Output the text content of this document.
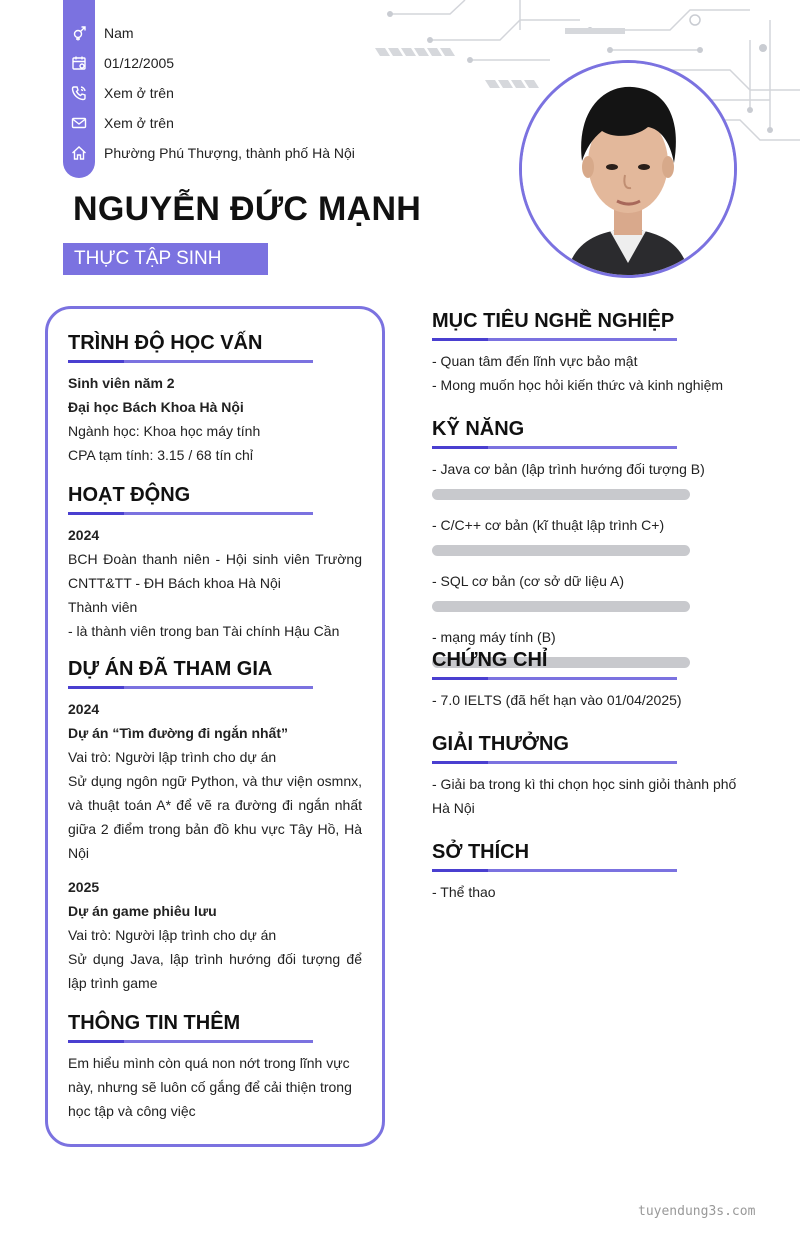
Nam
01/12/2005
Xem ở trên
Xem ở trên
Phường Phú Thượng, thành phố Hà Nội
NGUYỄN ĐỨC MẠNH
THỰC TẬP SINH
TRÌNH ĐỘ HỌC VẤN
Sinh viên năm 2
Đại học Bách Khoa Hà Nội
Ngành học: Khoa học máy tính
CPA tạm tính: 3.15 / 68 tín chỉ
HOẠT ĐỘNG
2024
BCH Đoàn thanh niên - Hội sinh viên Trường CNTT&TT - ĐH Bách khoa Hà Nội
Thành viên
- là thành viên trong ban Tài chính Hậu Cần
DỰ ÁN ĐÃ THAM GIA
2024
Dự án “Tìm đường đi ngắn nhất”
Vai trò: Người lập trình cho dự án
Sử dụng ngôn ngữ Python, và thư viện osmnx, và thuật toán A* để vẽ ra đường đi ngắn nhất giữa 2 điểm trong bản đồ khu vực Tây Hồ, Hà Nội
2025
Dự án game phiêu lưu
Vai trò: Người lập trình cho dự án
Sử dụng Java, lập trình hướng đối tượng để lập trình game
THÔNG TIN THÊM
Em hiểu mình còn quá non nớt trong lĩnh vực này, nhưng sẽ luôn cố gắng để cải thiện trong học tập và công việc
MỤC TIÊU NGHỀ NGHIỆP
- Quan tâm đến lĩnh vực bảo mật
- Mong muốn học hỏi kiến thức và kinh nghiệm
KỸ NĂNG
- Java cơ bản (lập trình hướng đối tượng B)
- C/C++ cơ bản (kĩ thuật lập trình C+)
- SQL cơ bản (cơ sở dữ liệu A)
- mạng máy tính (B)
CHỨNG CHỈ
- 7.0 IELTS (đã hết hạn vào 01/04/2025)
GIẢI THƯỞNG
- Giải ba trong kì thi chọn học sinh giỏi thành phố Hà Nội
SỞ THÍCH
- Thể thao
tuyendung3s.com
